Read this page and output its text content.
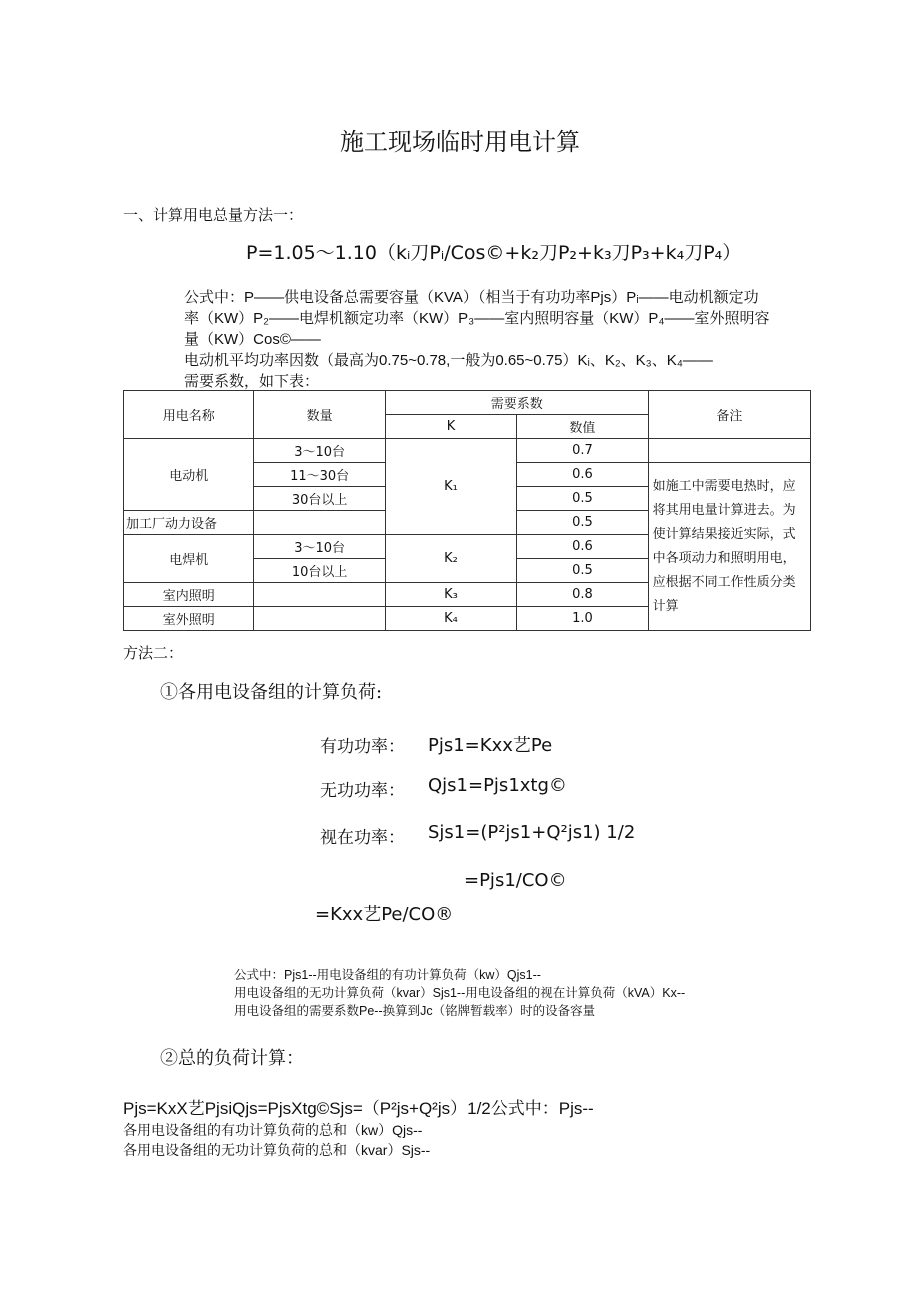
施工现场临时用电计算
一、计算用电总量方法一：
P=1.05～1.10（kᵢ刀Pᵢ/Cos©+k₂刀P₂+k₃刀P₃+k₄刀P₄）
公式中：P——供电设备总需要容量（KVA）（相当于有功功率Pjs）Pᵢ——电动机额定功
率（KW）P₂——电焊机额定功率（KW）P₃——室内照明容量（KW）P₄——室外照明容
量（KW）Cos©——
电动机平均功率因数（最高为0.75~0.78,一般为0.65~0.75）Kᵢ、K₂、K₃、K₄——
需要系数，如下表：
用电名称	数量	需要系数		备注
		K	数值	
电动机	3～10台	K₁	0.7	
	11～30台		0.6	如施工中需要电热时，应将其用电量计算进去。为使计算结果接近实际，式中各项动力和照明用电，应根据不同工作性质分类计算
	30台以上		0.5	
加工厂动力设备			0.5	
电焊机	3～10台	K₂	0.6	
	10台以上		0.5	
室内照明		K₃	0.8	
室外照明		K₄	1.0	
方法二：
①各用电设备组的计算负荷:
有功功率： Pjs1=Kxx艺Pe
无功功率： Qjs1=Pjs1xtg©
视在功率： Sjs1=(P²js1+Q²js1) 1/2
=Pjs1/CO©
=Kxx艺Pe/CO®
公式中：Pjs1--用电设备组的有功计算负荷（kw）Qjs1--
用电设备组的无功计算负荷（kvar）Sjs1--用电设备组的视在计算负荷（kVA）Kx--
用电设备组的需要系数Pe--换算到Jc（铭牌暂载率）时的设备容量
②总的负荷计算：
Pjs=KxX艺PjsiQjs=PjsXtg©Sjs=（P²js+Q²js）1/2公式中：Pjs--
各用电设备组的有功计算负荷的总和（kw）Qjs--
各用电设备组的无功计算负荷的总和（kvar）Sjs--
